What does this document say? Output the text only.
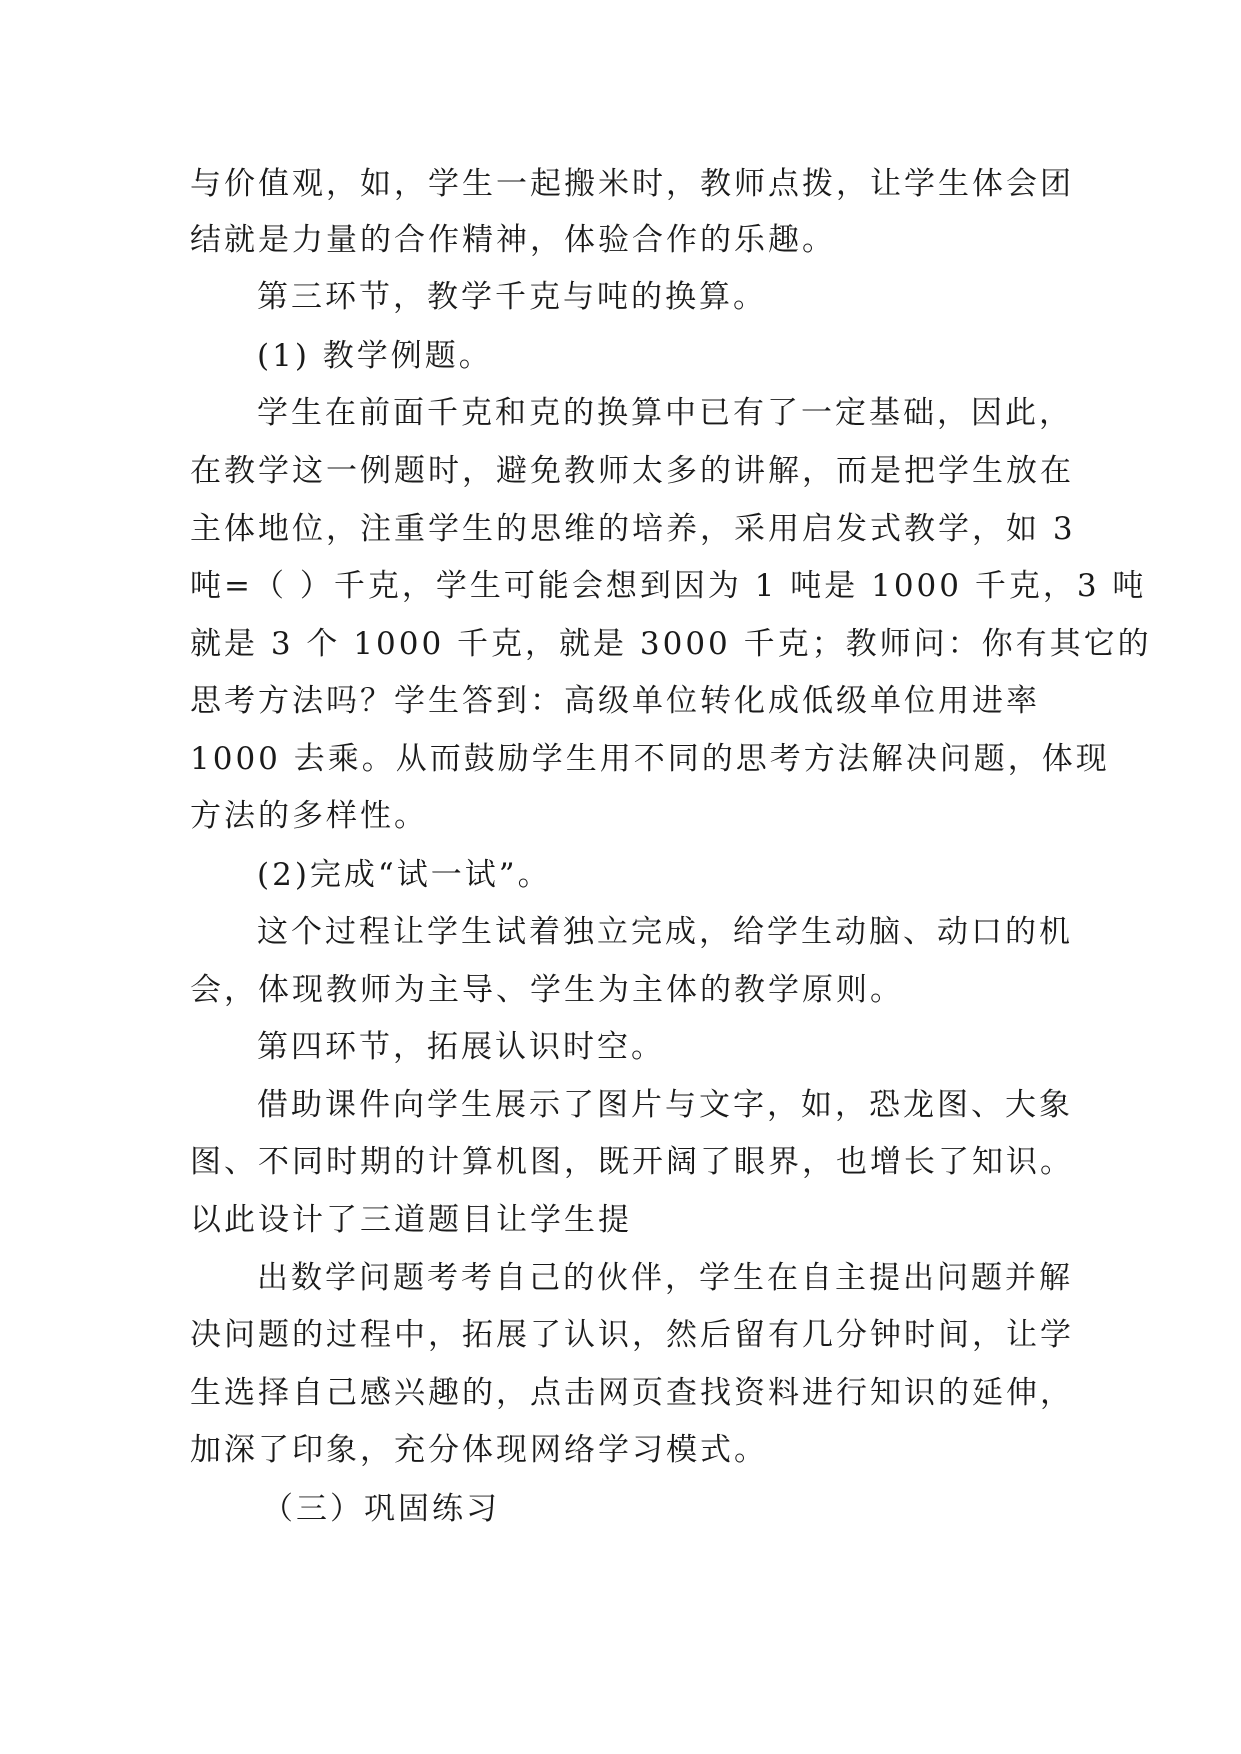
与价值观，如，学生一起搬米时，教师点拨，让学生体会团
结就是力量的合作精神，体验合作的乐趣。
第三环节，教学千克与吨的换算。
(1) 教学例题。
学生在前面千克和克的换算中已有了一定基础，因此，
在教学这一例题时，避免教师太多的讲解，而是把学生放在
主体地位，注重学生的思维的培养，采用启发式教学，如 3
吨=（ ）千克，学生可能会想到因为 1 吨是 1000 千克，3 吨
就是 3 个 1000 千克，就是 3000 千克；教师问：你有其它的
思考方法吗？学生答到：高级单位转化成低级单位用进率
1000 去乘。从而鼓励学生用不同的思考方法解决问题，体现
方法的多样性。
(2)完成“试一试”。
这个过程让学生试着独立完成，给学生动脑、动口的机
会，体现教师为主导、学生为主体的教学原则。
第四环节，拓展认识时空。
借助课件向学生展示了图片与文字，如，恐龙图、大象
图、不同时期的计算机图，既开阔了眼界，也增长了知识。
以此设计了三道题目让学生提
出数学问题考考自己的伙伴，学生在自主提出问题并解
决问题的过程中，拓展了认识，然后留有几分钟时间，让学
生选择自己感兴趣的，点击网页查找资料进行知识的延伸，
加深了印象，充分体现网络学习模式。
（三）巩固练习
